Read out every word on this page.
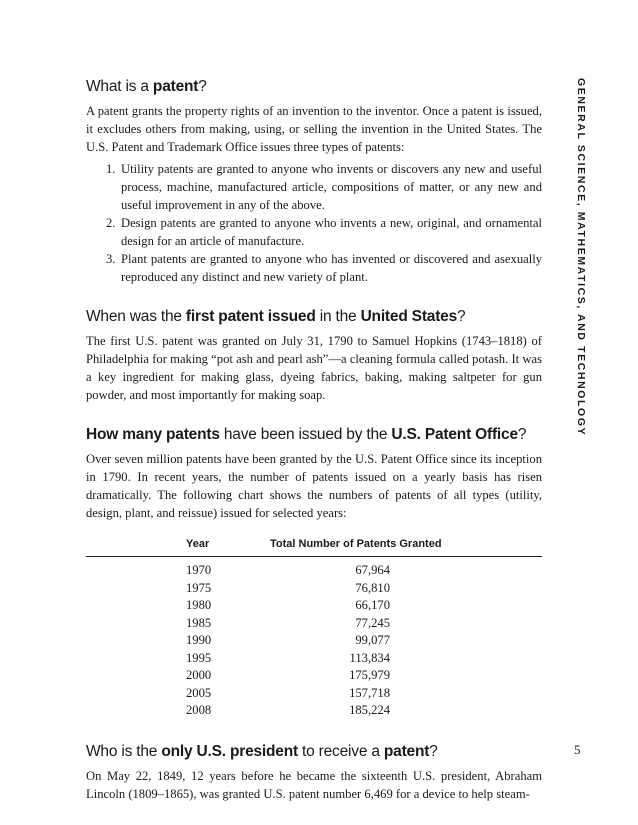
GENERAL SCIENCE, MATHEMATICS, AND TECHNOLOGY
What is a patent?

A patent grants the property rights of an invention to the inventor. Once a patent is issued, it excludes others from making, using, or selling the invention in the United States. The U.S. Patent and Trademark Office issues three types of patents:

1. Utility patents are granted to anyone who invents or discovers any new and useful process, machine, manufactured article, compositions of matter, or any new and useful improvement in any of the above.
2. Design patents are granted to anyone who invents a new, original, and ornamental design for an article of manufacture.
3. Plant patents are granted to anyone who has invented or discovered and asexually reproduced any distinct and new variety of plant.
When was the first patent issued in the United States?

The first U.S. patent was granted on July 31, 1790 to Samuel Hopkins (1743–1818) of Philadelphia for making “pot ash and pearl ash”—a cleaning formula called potash. It was a key ingredient for making glass, dyeing fabrics, baking, making saltpeter for gun powder, and most importantly for making soap.

How many patents have been issued by the U.S. Patent Office?

Over seven million patents have been granted by the U.S. Patent Office since its inception in 1790. In recent years, the number of patents issued on a yearly basis has risen dramatically. The following chart shows the numbers of patents of all types (utility, design, plant, and reissue) issued for selected years:

Year	Total Number of Patents Granted
1970	67,964
1975	76,810
1980	66,170
1985	77,245
1990	99,077
1995	113,834
2000	175,979
2005	157,718
2008	185,224
Who is the only U.S. president to receive a patent?

On May 22, 1849, 12 years before he became the sixteenth U.S. president, Abraham Lincoln (1809–1865), was granted U.S. patent number 6,469 for a device to help steam-

5
